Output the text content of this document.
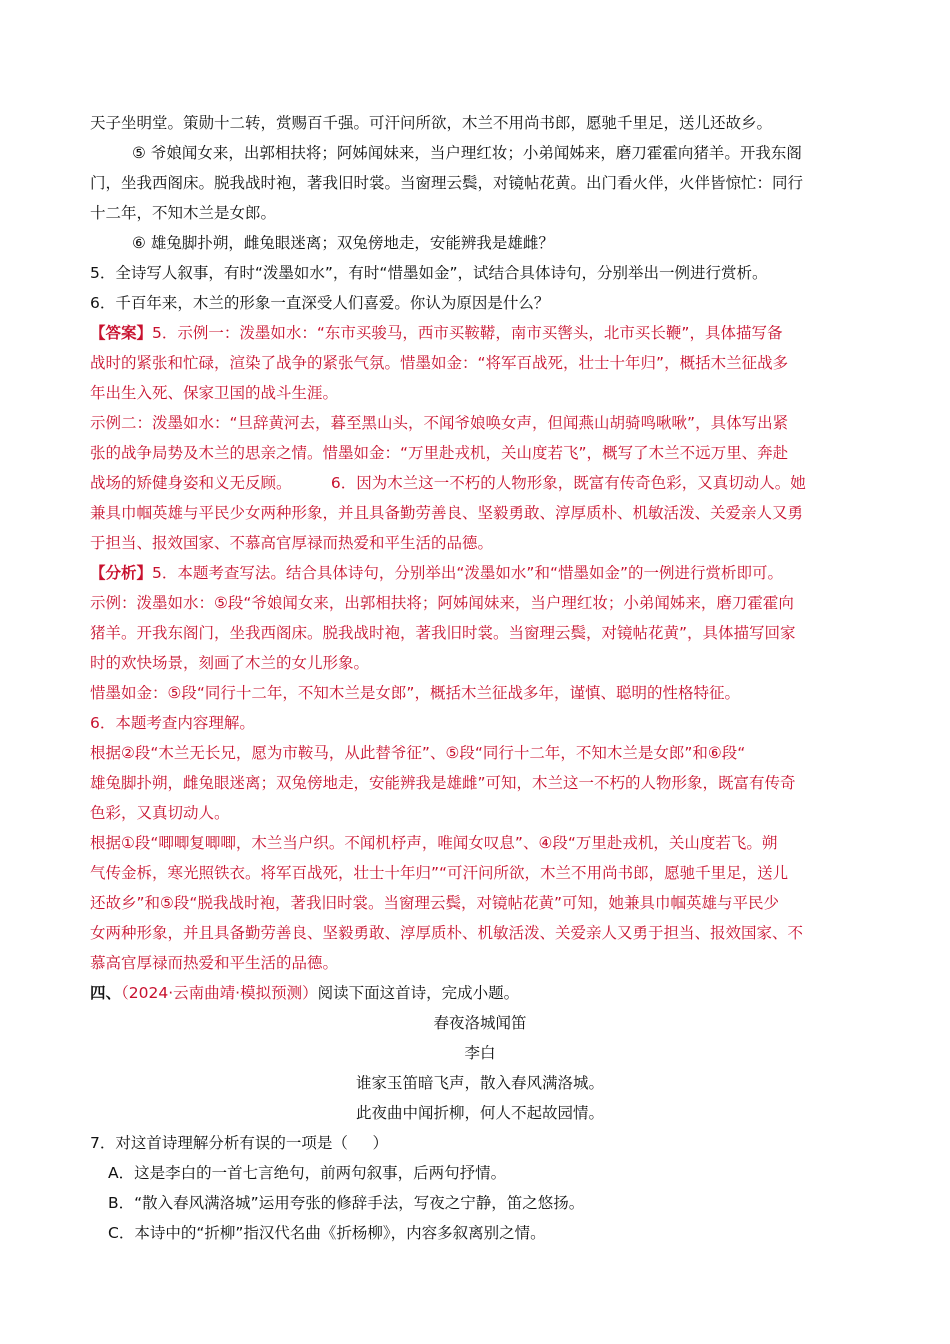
天子坐明堂。策勋十二转，赏赐百千强。可汗问所欲，木兰不用尚书郎，愿驰千里足，送儿还故乡。
⑤ 爷娘闻女来，出郭相扶将；阿姊闻妹来，当户理红妆；小弟闻姊来，磨刀霍霍向猪羊。开我东阁
门，坐我西阁床。脱我战时袍，著我旧时裳。当窗理云鬓，对镜帖花黄。出门看火伴，火伴皆惊忙：同行
十二年，不知木兰是女郎。
⑥ 雄兔脚扑朔，雌兔眼迷离；双兔傍地走，安能辨我是雄雌？
5．全诗写人叙事，有时“泼墨如水”，有时“惜墨如金”，试结合具体诗句，分别举出一例进行赏析。
6．千百年来，木兰的形象一直深受人们喜爱。你认为原因是什么？
【答案】5．示例一：泼墨如水：“东市买骏马，西市买鞍鞯，南市买辔头，北市买长鞭”，具体描写备
战时的紧张和忙碌，渲染了战争的紧张气氛。惜墨如金：“将军百战死，壮士十年归”，概括木兰征战多
年出生入死、保家卫国的战斗生涯。
示例二：泼墨如水：“旦辞黄河去，暮至黑山头，不闻爷娘唤女声，但闻燕山胡骑鸣啾啾”，具体写出紧
张的战争局势及木兰的思亲之情。惜墨如金：“万里赴戎机，关山度若飞”，概写了木兰不远万里、奔赴
战场的矫健身姿和义无反顾。        6．因为木兰这一不朽的人物形象，既富有传奇色彩，又真切动人。她
兼具巾帼英雄与平民少女两种形象，并且具备勤劳善良、坚毅勇敢、淳厚质朴、机敏活泼、关爱亲人又勇
于担当、报效国家、不慕高官厚禄而热爱和平生活的品德。
【分析】5．本题考查写法。结合具体诗句，分别举出“泼墨如水”和“惜墨如金”的一例进行赏析即可。
示例：泼墨如水：⑤段“爷娘闻女来，出郭相扶将；阿姊闻妹来，当户理红妆；小弟闻姊来，磨刀霍霍向
猪羊。开我东阁门，坐我西阁床。脱我战时袍，著我旧时裳。当窗理云鬓，对镜帖花黄”，具体描写回家
时的欢快场景，刻画了木兰的女儿形象。
惜墨如金：⑤段“同行十二年，不知木兰是女郎”，概括木兰征战多年，谨慎、聪明的性格特征。
6．本题考查内容理解。
根据②段“木兰无长兄，愿为市鞍马，从此替爷征”、⑤段“同行十二年，不知木兰是女郎”和⑥段“
雄兔脚扑朔，雌兔眼迷离；双兔傍地走，安能辨我是雄雌”可知，木兰这一不朽的人物形象，既富有传奇
色彩，又真切动人。
根据①段“唧唧复唧唧，木兰当户织。不闻机杼声，唯闻女叹息”、④段“万里赴戎机，关山度若飞。朔
气传金柝，寒光照铁衣。将军百战死，壮士十年归”“可汗问所欲，木兰不用尚书郎，愿驰千里足，送儿
还故乡”和⑤段“脱我战时袍，著我旧时裳。当窗理云鬓，对镜帖花黄”可知，她兼具巾帼英雄与平民少
女两种形象，并且具备勤劳善良、坚毅勇敢、淳厚质朴、机敏活泼、关爱亲人又勇于担当、报效国家、不
慕高官厚禄而热爱和平生活的品德。
四、（2024·云南曲靖·模拟预测）阅读下面这首诗，完成小题。
春夜洛城闻笛
李白
谁家玉笛暗飞声，散入春风满洛城。
此夜曲中闻折柳，何人不起故园情。
7．对这首诗理解分析有误的一项是（     ）
A．这是李白的一首七言绝句，前两句叙事，后两句抒情。
B．“散入春风满洛城”运用夸张的修辞手法，写夜之宁静，笛之悠扬。
C．本诗中的“折柳”指汉代名曲《折杨柳》，内容多叙离别之情。
